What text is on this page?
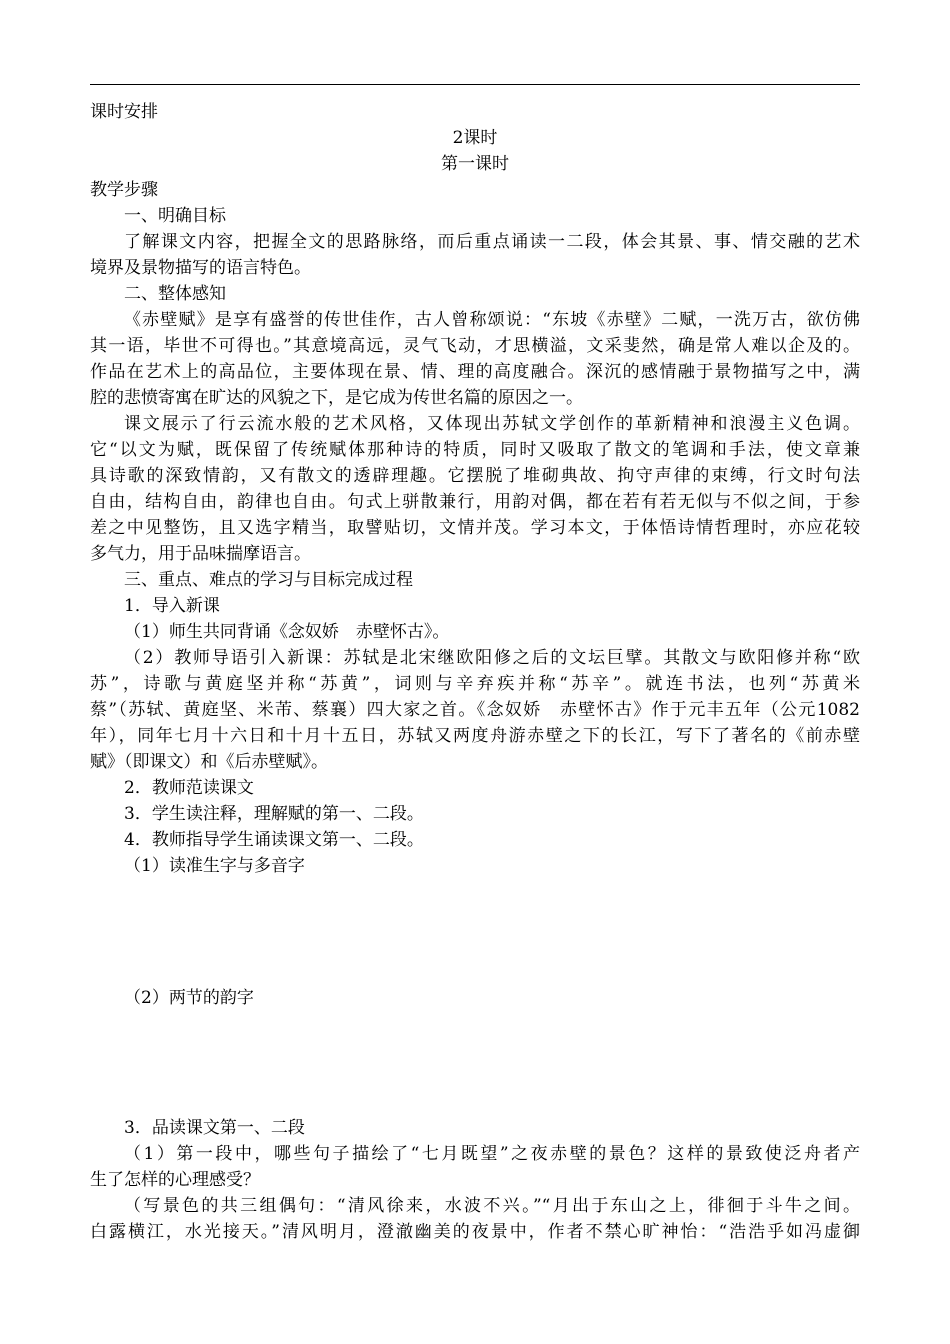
课时安排
2课时
第一课时
教学步骤
一、明确目标
了解课文内容，把握全文的思路脉络，而后重点诵读一二段，体会其景、事、情交融的艺术
境界及景物描写的语言特色。
二、整体感知
《赤壁赋》是享有盛誉的传世佳作，古人曾称颂说：“东坡《赤壁》二赋，一洗万古，欲仿佛
其一语，毕世不可得也。”其意境高远，灵气飞动，才思横溢，文采斐然，确是常人难以企及的。
作品在艺术上的高品位，主要体现在景、情、理的高度融合。深沉的感情融于景物描写之中，满
腔的悲愤寄寓在旷达的风貌之下，是它成为传世名篇的原因之一。
课文展示了行云流水般的艺术风格，又体现出苏轼文学创作的革新精神和浪漫主义色调。
它“以文为赋，既保留了传统赋体那种诗的特质，同时又吸取了散文的笔调和手法，使文章兼
具诗歌的深致情韵，又有散文的透辟理趣。它摆脱了堆砌典故、拘守声律的束缚，行文时句法
自由，结构自由，韵律也自由。句式上骈散兼行，用韵对偶，都在若有若无似与不似之间，于参
差之中见整饬，且又选字精当，取譬贴切，文情并茂。学习本文，于体悟诗情哲理时，亦应花较
多气力，用于品味揣摩语言。
三、重点、难点的学习与目标完成过程
1．导入新课
（1）师生共同背诵《念奴娇　赤壁怀古》。
（2）教师导语引入新课：苏轼是北宋继欧阳修之后的文坛巨擘。其散文与欧阳修并称“欧
苏”，诗歌与黄庭坚并称“苏黄”，词则与辛弃疾并称“苏辛”。就连书法，也列“苏黄米
蔡”（苏轼、黄庭坚、米芾、蔡襄）四大家之首。《念奴娇　赤壁怀古》作于元丰五年（公元1082
年），同年七月十六日和十月十五日，苏轼又两度舟游赤壁之下的长江，写下了著名的《前赤壁
赋》（即课文）和《后赤壁赋》。
2．教师范读课文
3．学生读注释，理解赋的第一、二段。
4．教师指导学生诵读课文第一、二段。
（1）读准生字与多音字
（2）两节的韵字
3．品读课文第一、二段
（1）第一段中，哪些句子描绘了“七月既望”之夜赤壁的景色？这样的景致使泛舟者产
生了怎样的心理感受？
（写景色的共三组偶句：“清风徐来，水波不兴。”“月出于东山之上，徘徊于斗牛之间。
白露横江，水光接天。”清风明月，澄澈幽美的夜景中，作者不禁心旷神怡：“浩浩乎如冯虚御
